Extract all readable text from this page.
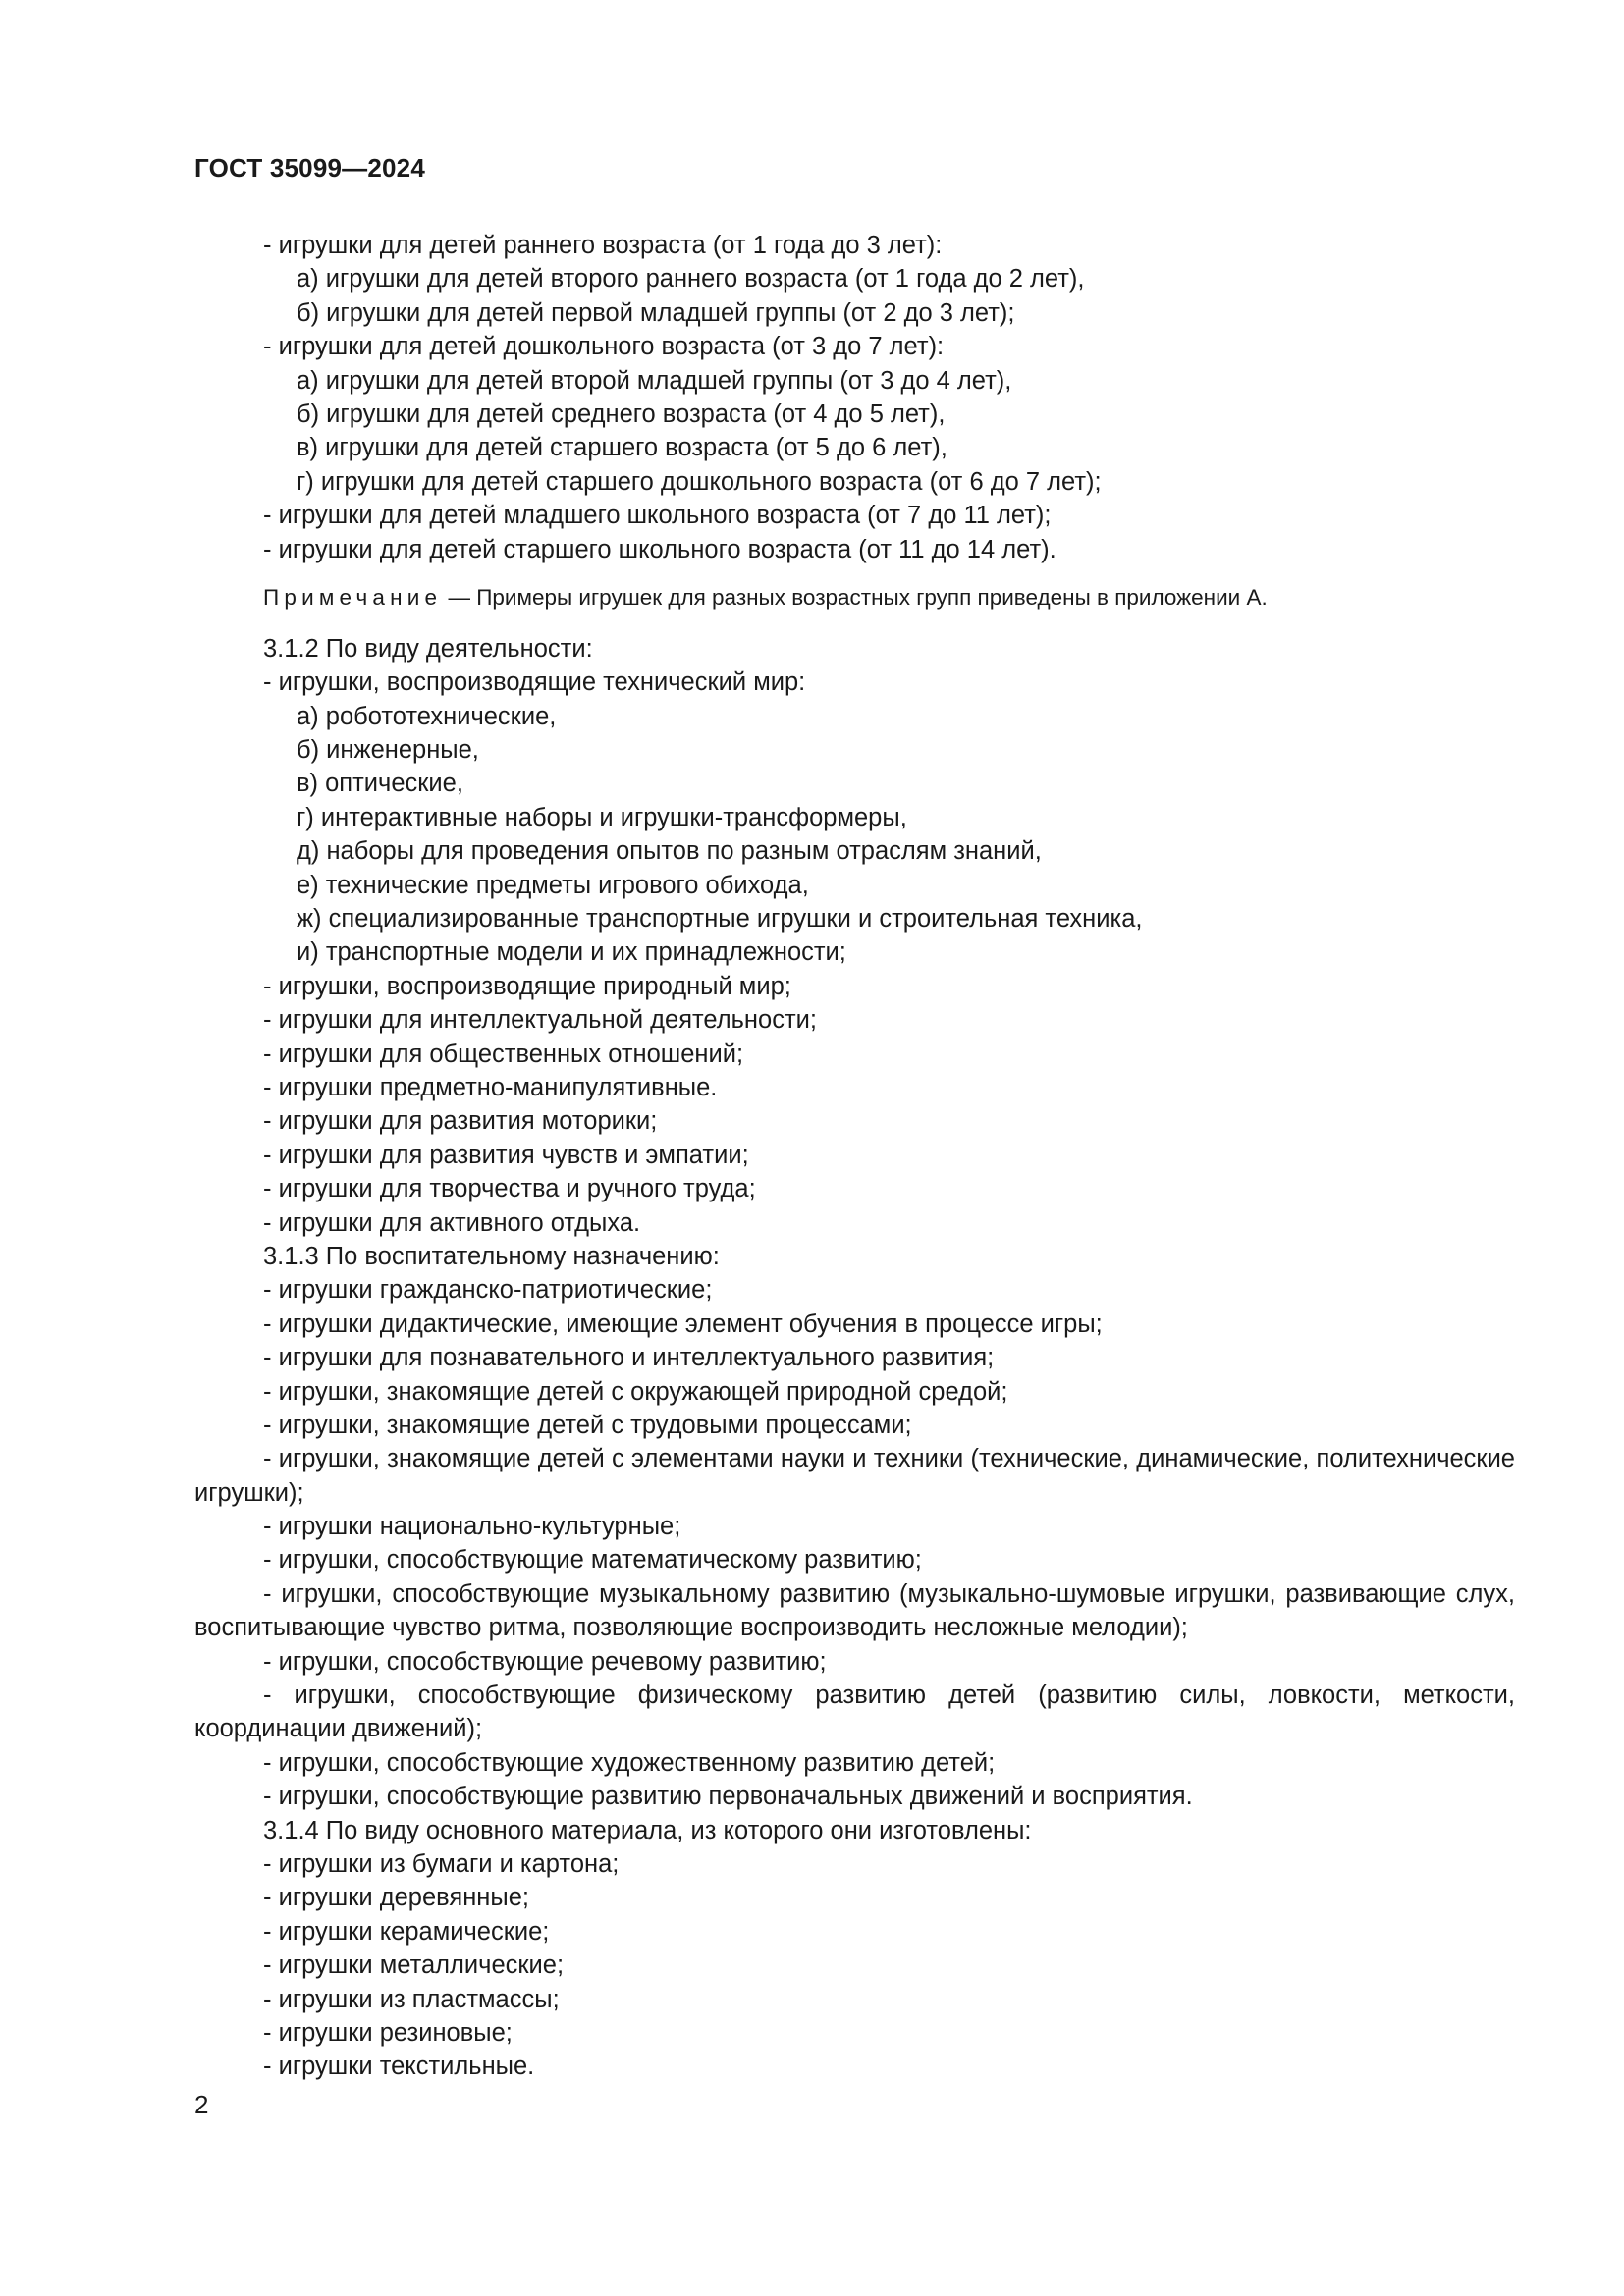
ГОСТ 35099—2024
- игрушки для детей раннего возраста (от 1 года до 3 лет):
а) игрушки для детей второго раннего возраста (от 1 года до 2 лет),
б) игрушки для детей первой младшей группы (от 2 до 3 лет);
- игрушки для детей дошкольного возраста (от 3 до 7 лет):
а) игрушки для детей второй младшей группы (от 3 до 4 лет),
б) игрушки для детей среднего возраста (от 4 до 5 лет),
в) игрушки для детей старшего возраста (от 5 до 6 лет),
г) игрушки для детей старшего дошкольного возраста (от 6 до 7 лет);
- игрушки для детей младшего школьного возраста (от 7 до 11 лет);
- игрушки для детей старшего школьного возраста (от 11 до 14 лет).
Примечание — Примеры игрушек для разных возрастных групп приведены в приложении А.
3.1.2 По виду деятельности:
- игрушки, воспроизводящие технический мир:
а) робототехнические,
б) инженерные,
в) оптические,
г) интерактивные наборы и игрушки-трансформеры,
д) наборы для проведения опытов по разным отраслям знаний,
е) технические предметы игрового обихода,
ж) специализированные транспортные игрушки и строительная техника,
и) транспортные модели и их принадлежности;
- игрушки, воспроизводящие природный мир;
- игрушки для интеллектуальной деятельности;
- игрушки для общественных отношений;
- игрушки предметно-манипулятивные.
- игрушки для развития моторики;
- игрушки для развития чувств и эмпатии;
- игрушки для творчества и ручного труда;
- игрушки для активного отдыха.
3.1.3 По воспитательному назначению:
- игрушки гражданско-патриотические;
- игрушки дидактические, имеющие элемент обучения в процессе игры;
- игрушки для познавательного и интеллектуального развития;
- игрушки, знакомящие детей с окружающей природной средой;
- игрушки, знакомящие детей с трудовыми процессами;
- игрушки, знакомящие детей с элементами науки и техники (технические, динамические, политехнические игрушки);
- игрушки национально-культурные;
- игрушки, способствующие математическому развитию;
- игрушки, способствующие музыкальному развитию (музыкально-шумовые игрушки, развивающие слух, воспитывающие чувство ритма, позволяющие воспроизводить несложные мелодии);
- игрушки, способствующие речевому развитию;
- игрушки, способствующие физическому развитию детей (развитию силы, ловкости, меткости, координации движений);
- игрушки, способствующие художественному развитию детей;
- игрушки, способствующие развитию первоначальных движений и восприятия.
3.1.4 По виду основного материала, из которого они изготовлены:
- игрушки из бумаги и картона;
- игрушки деревянные;
- игрушки керамические;
- игрушки металлические;
- игрушки из пластмассы;
- игрушки резиновые;
- игрушки текстильные.
2
